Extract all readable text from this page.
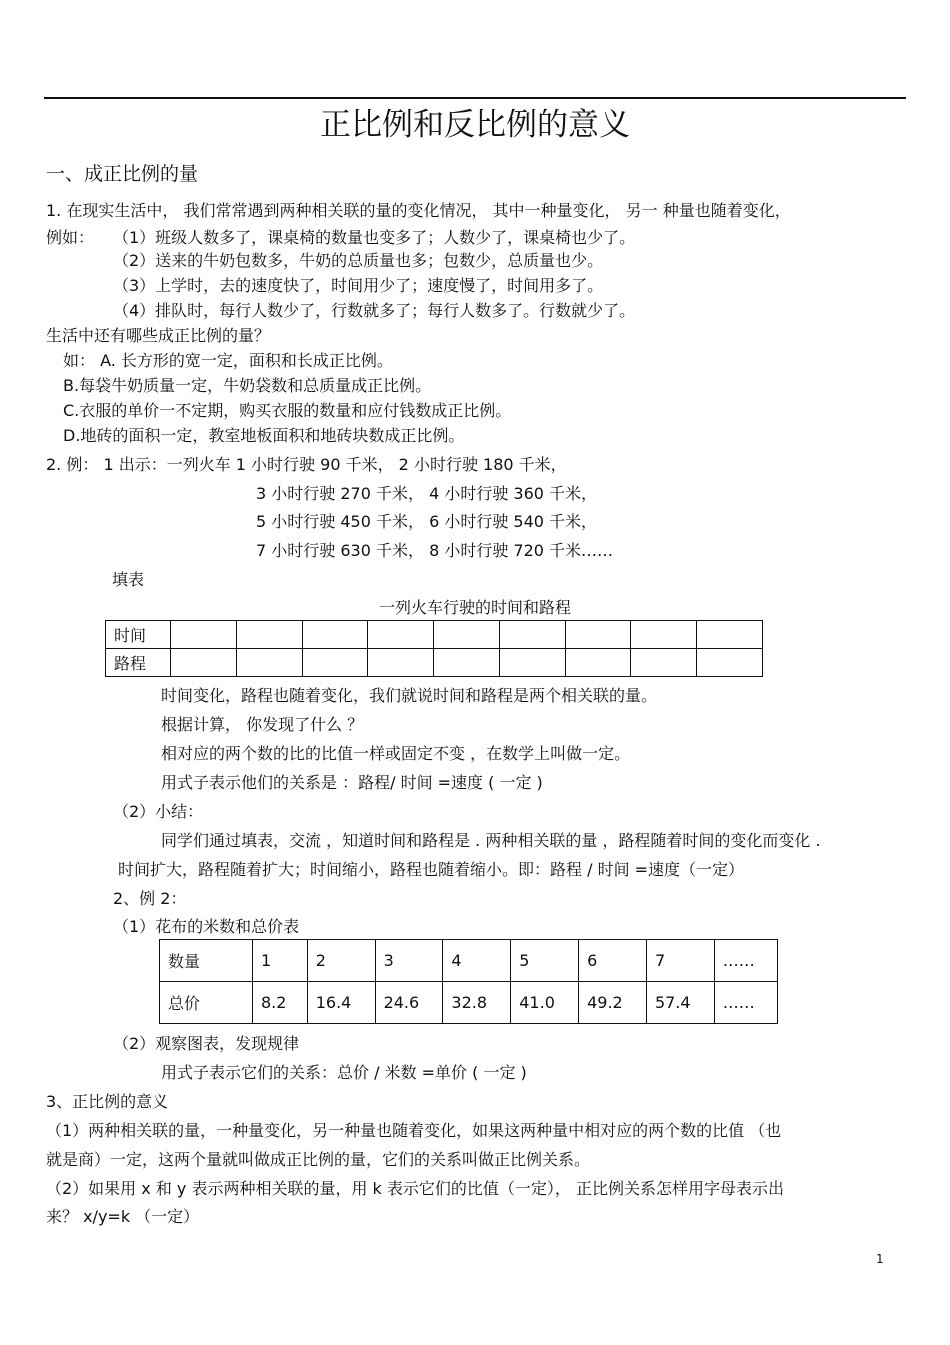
正比例和反比例的意义
一、成正比例的量
1. 在现实生活中， 我们常常遇到两种相关联的量的变化情况， 其中一种量变化， 另一 种量也随着变化，
例如： （1）班级人数多了，课桌椅的数量也变多了；人数少了，课桌椅也少了。
（2）送来的牛奶包数多，牛奶的总质量也多；包数少，总质量也少。
（3）上学时，去的速度快了，时间用少了；速度慢了，时间用多了。
（4）排队时，每行人数少了，行数就多了；每行人数多了。行数就少了。
生活中还有哪些成正比例的量？
如： A. 长方形的宽一定，面积和长成正比例。
B.每袋牛奶质量一定，牛奶袋数和总质量成正比例。
C.衣服的单价一不定期，购买衣服的数量和应付钱数成正比例。
D.地砖的面积一定，教室地板面积和地砖块数成正比例。
2. 例： 1 出示：一列火车 1 小时行驶 90 千米， 2 小时行驶 180 千米，
3 小时行驶 270 千米， 4 小时行驶 360 千米，
5 小时行驶 450 千米， 6 小时行驶 540 千米，
7 小时行驶 630 千米， 8 小时行驶 720 千米……
填表
一列火车行驶的时间和路程
时间									
路程									
时间变化，路程也随着变化，我们就说时间和路程是两个相关联的量。
根据计算， 你发现了什么 ？
相对应的两个数的比的比值一样或固定不变 ，在数学上叫做一定。
用式子表示他们的关系是 ：路程/ 时间 =速度 ( 一定 )
（2）小结：
同学们通过填表，交流 ，知道时间和路程是 . 两种相关联的量 ，路程随着时间的变化而变化 .
时间扩大，路程随着扩大；时间缩小，路程也随着缩小。即：路程 / 时间 =速度（一定）
2、例 2：
（1）花布的米数和总价表
数量	1	2	3	4	5	6	7	……
总价	8.2	16.4	24.6	32.8	41.0	49.2	57.4	……
（2）观察图表，发现规律
用式子表示它们的关系：总价 / 米数 =单价 ( 一定 )
3、正比例的意义
（1）两种相关联的量，一种量变化，另一种量也随着变化，如果这两种量中相对应的两个数的比值 （也
就是商）一定，这两个量就叫做成正比例的量，它们的关系叫做正比例关系。
（2）如果用 x 和 y 表示两种相关联的量，用 k 表示它们的比值（一定）， 正比例关系怎样用字母表示出
来？ x/y=k （一定）
1
